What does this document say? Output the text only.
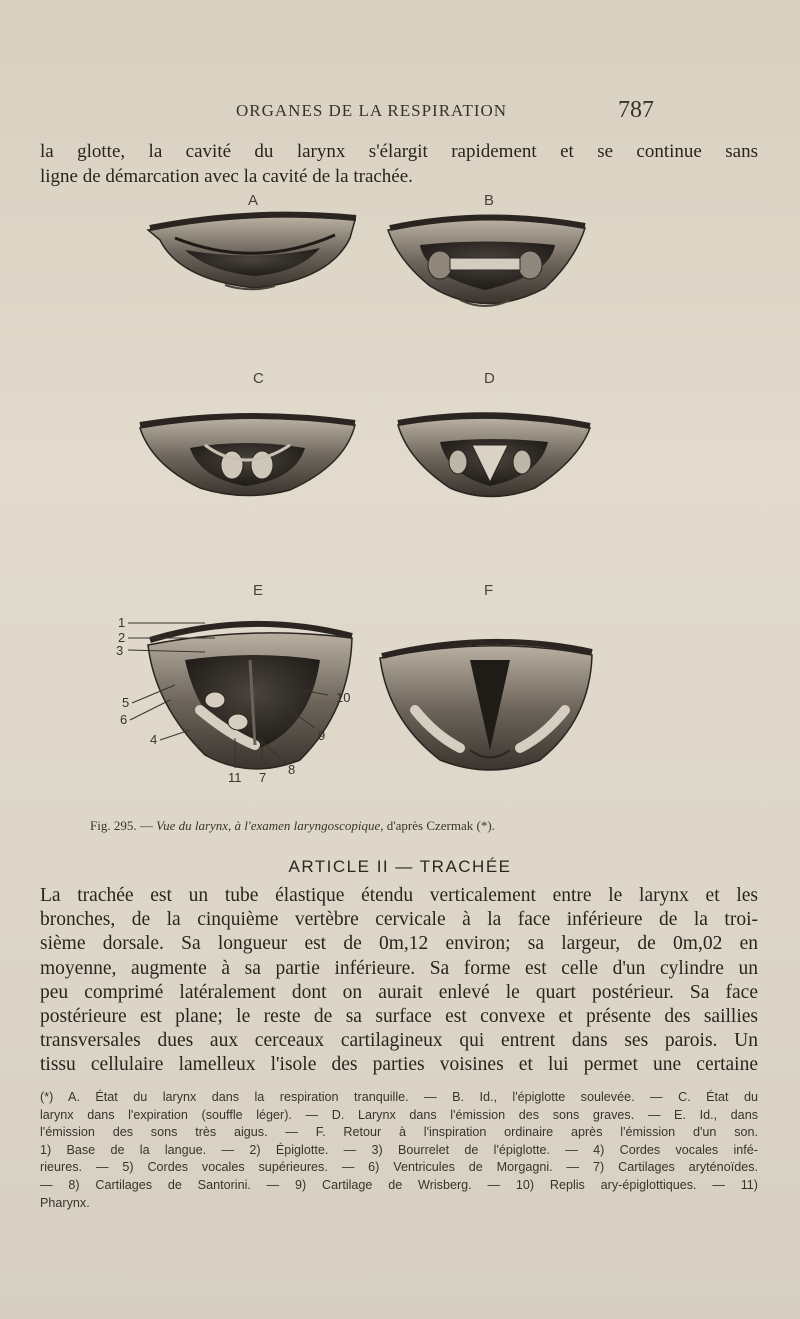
ORGANES DE LA RESPIRATION	787
la glotte, la cavité du larynx s'élargit rapidement et se continue sans
ligne de démarcation avec la cavité de la trachée.
A	B
C	D
E	F
1
2
3
5
6
4
11 7
8
9
10
Fig. 295. — Vue du larynx, à l'examen laryngoscopique, d'après Czermak (*).
ARTICLE II — TRACHÉE
La trachée est un tube élastique étendu verticalement entre le larynx et les
bronches, de la cinquième vertèbre cervicale à la face inférieure de la troi-
sième dorsale. Sa longueur est de 0m,12 environ; sa largeur, de 0m,02 en
moyenne, augmente à sa partie inférieure. Sa forme est celle d'un cylindre un
peu comprimé latéralement dont on aurait enlevé le quart postérieur. Sa face
postérieure est plane; le reste de sa surface est convexe et présente des saillies
transversales dues aux cerceaux cartilagineux qui entrent dans ses parois. Un
tissu cellulaire lamelleux l'isole des parties voisines et lui permet une certaine
(*) A. État du larynx dans la respiration tranquille. — B. Id., l'épiglotte soulevée. — C. État du
larynx dans l'expiration (souffle léger). — D. Larynx dans l'émission des sons graves. — E. Id., dans
l'émission des sons très aigus. — F. Retour à l'inspiration ordinaire après l'émission d'un son.
1) Base de la langue. — 2) Épiglotte. — 3) Bourrelet de l'épiglotte. — 4) Cordes vocales infé-
rieures. — 5) Cordes vocales supérieures. — 6) Ventricules de Morgagni. — 7) Cartilages aryténoïdes.
— 8) Cartilages de Santorini. — 9) Cartilage de Wrisberg. — 10) Replis ary-épiglottiques. — 11)
Pharynx.
